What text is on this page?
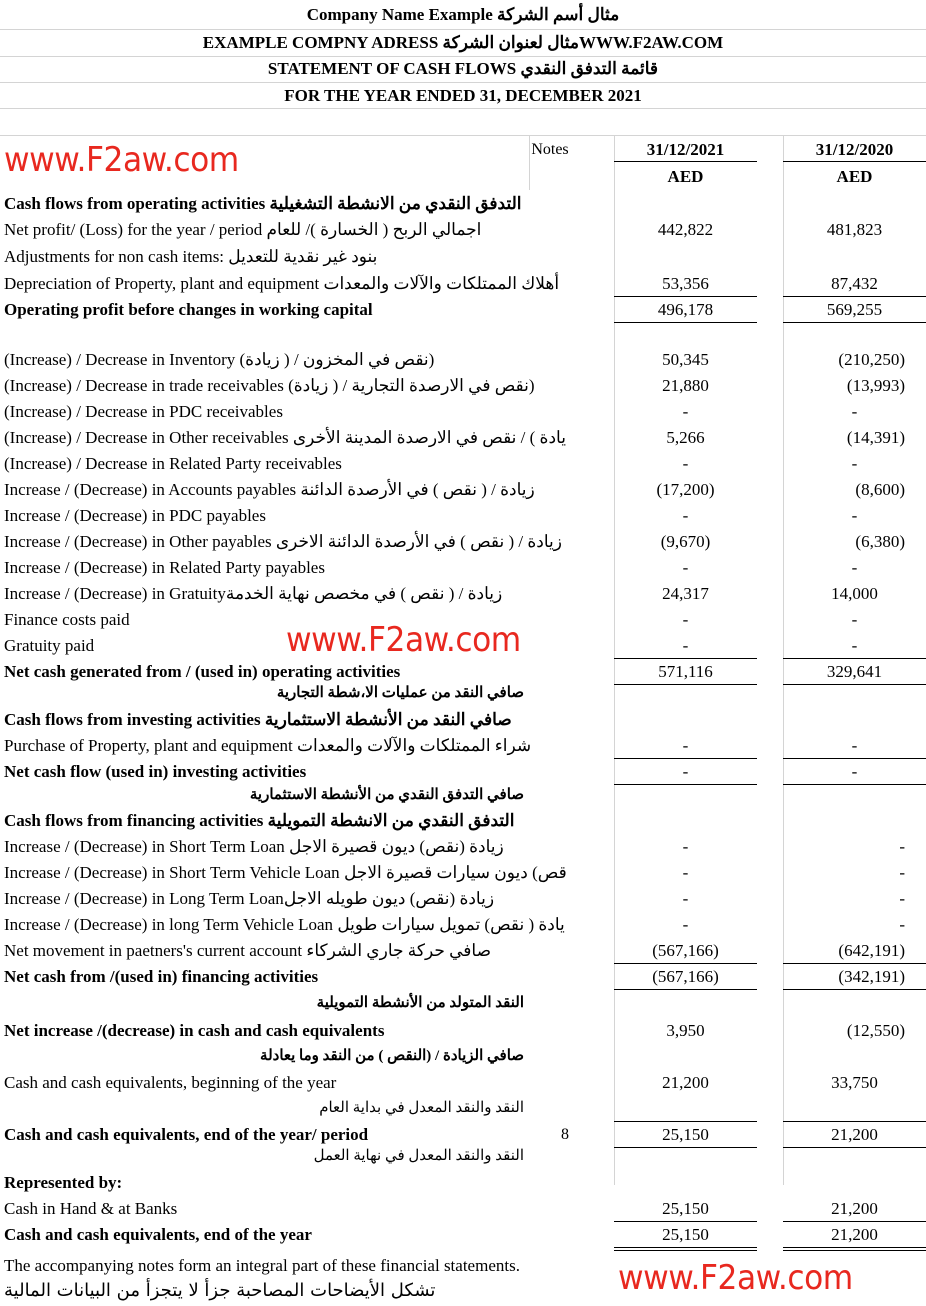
Company Name Example مثال أسم الشركة
EXAMPLE COMPNY ADRESS مثال لعنوان الشركةWWW.F2AW.COM
STATEMENT OF CASH FLOWS قائمة التدفق النقدي
FOR THE YEAR ENDED 31, DECEMBER 2021
Notes	31/12/2021	31/12/2020
AED	AED
Cash flows from operating activities التدفق النقدي من الانشطة التشغيلية
Net profit/ (Loss) for the year / period اجمالي الربح ( الخسارة )/ للعام	442,822	481,823
Adjustments for non cash items: بنود غير نقدية للتعديل
Depreciation of Property, plant and equipment أهلاك الممتلكات والآلات والمعدات	53,356	87,432
Operating profit before changes in working capital	496,178	569,255
(Increase) / Decrease in Inventory (زيادة ) / نقص في المخزون)	50,345	(210,250)
(Increase) / Decrease in trade receivables (زيادة ) / نقص في الارصدة التجارية)	21,880	(13,993)
(Increase) / Decrease in PDC receivables	-	-
(Increase) / Decrease in Other receivables يادة ) / نقص في الارصدة المدينة الأخرى	5,266	(14,391)
(Increase) / Decrease in Related Party receivables	-	-
Increase / (Decrease) in Accounts payables زيادة / ( نقص ) في الأرصدة الدائنة	(17,200)	(8,600)
Increase / (Decrease) in PDC payables	-	-
Increase / (Decrease) in Other payables زيادة / ( نقص ) في الأرصدة الدائنة الاخرى	(9,670)	(6,380)
Increase / (Decrease) in Related Party payables	-	-
Increase / (Decrease) in Gratuityزيادة / ( نقص ) في مخصص نهاية الخدمة	24,317	14,000
Finance costs paid	-	-
Gratuity paid	-	-
Net cash generated from / (used in) operating activities	571,116	329,641
صافي النقد من عمليات الا،شطة التجارية
Cash flows from investing activities صافي النقد من الأنشطة الاستثمارية
Purchase of Property, plant and equipment شراء الممتلكات والآلات والمعدات	-	-
Net cash flow (used in) investing activities	-	-
صافي التدفق النقدي من الأنشطة الاستثمارية
Cash flows from financing activities التدفق النقدي من الانشطة التمويلية
Increase / (Decrease) in Short Term Loan زيادة (نقص) ديون قصيرة الاجل	-	-
Increase / (Decrease) in Short Term Vehicle Loan قص) ديون سيارات قصيرة الاجل	-	-
Increase / (Decrease) in Long Term Loanزيادة (نقص) ديون طويله الاجل	-	-
Increase / (Decrease) in long Term Vehicle Loan يادة ( نقص) تمويل سيارات طويل	-	-
Net movement in paetners's current account صافي حركة جاري الشركاء	(567,166)	(642,191)
Net cash from /(used in) financing activities	(567,166)	(342,191)
النقد المتولد من الأنشطة التمويلية
Net increase /(decrease) in cash and cash equivalents	3,950	(12,550)
صافي الزيادة / (النقص ) من النقد وما يعادلة
Cash and cash equivalents, beginning of the year	21,200	33,750
النقد والنقد المعدل في بداية العام
Cash and cash equivalents, end of the year/ period	8	25,150	21,200
النقد والنقد المعدل في نهاية العمل
Represented by:
Cash in Hand & at Banks	25,150	21,200
Cash and cash equivalents, end of the year	25,150	21,200
The accompanying notes form an integral part of these financial statements.
تشكل الأيضاحات المصاحبة جزأ لا يتجزأ من البيانات المالية
www.F2aw.com
www.F2aw.com
www.F2aw.com
